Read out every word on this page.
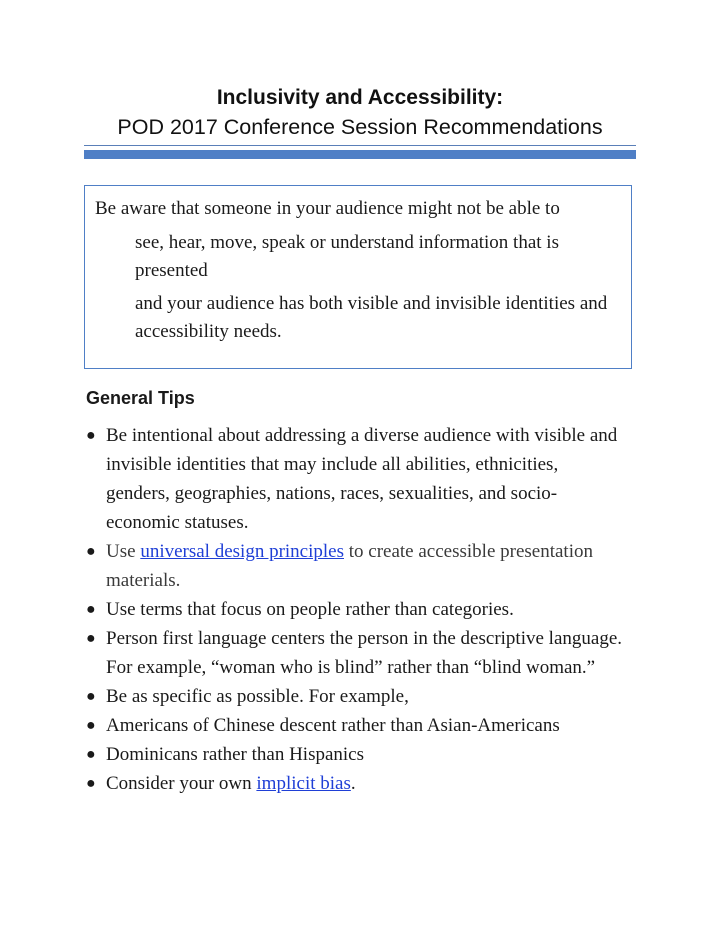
Inclusivity and Accessibility:
POD 2017 Conference Session Recommendations
Be aware that someone in your audience might not be able to
see, hear, move, speak or understand information that is presented
and your audience has both visible and invisible identities and accessibility needs.
General Tips
● Be intentional about addressing a diverse audience with visible and invisible identities that may include all abilities, ethnicities, genders, geographies, nations, races, sexualities, and socio-economic statuses.
● Use universal design principles to create accessible presentation materials.
● Use terms that focus on people rather than categories.
● Person first language centers the person in the descriptive language. For example, “woman who is blind” rather than “blind woman.”
● Be as specific as possible. For example,
● Americans of Chinese descent rather than Asian-Americans
● Dominicans rather than Hispanics
● Consider your own implicit bias.
